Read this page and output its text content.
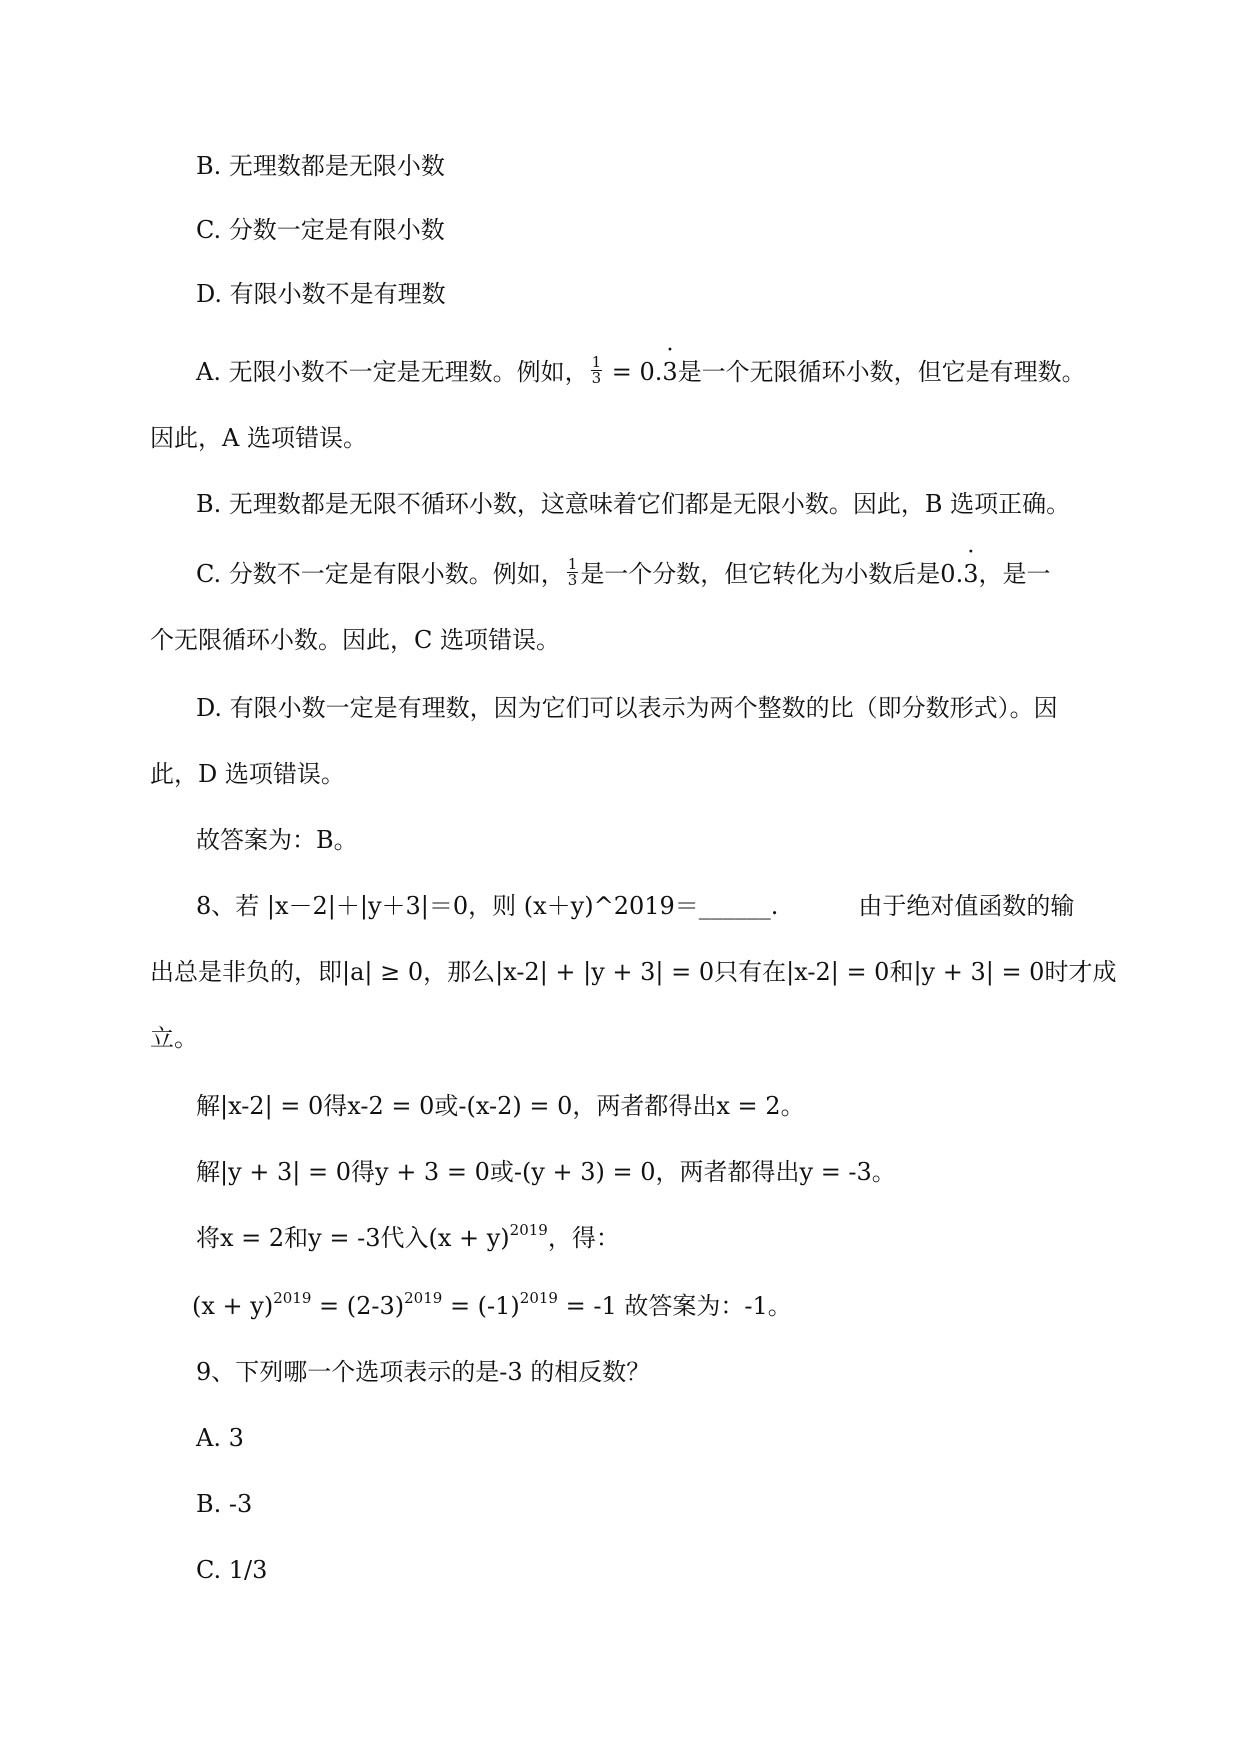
B. 无理数都是无限小数
C. 分数一定是有限小数
D. 有限小数不是有理数
A. 无限小数不一定是无理数。例如， $\frac{1}{3} = 0.\cdot 3$是一个无限循环小数，但它是有理数。
因此，A 选项错误。
B. 无理数都是无限不循环小数，这意味着它们都是无限小数。因此，B 选项正确。
C. 分数不一定是有限小数。例如， $\frac{1}{3}$ 是一个分数，但它转化为小数后是0.· 3，是一
个无限循环小数。因此，C 选项错误。
D. 有限小数一定是有理数，因为它们可以表示为两个整数的比（即分数形式）。因
此，D 选项错误。
故答案为：B。
8、若 |x－2|＋|y＋3|＝0，则 (x＋y)^2019＝______.	由于绝对值函数的输
出总是非负的，即|a| ≥ 0，那么|x-2| + |y + 3| = 0只有在|x-2| = 0和|y + 3| = 0时才成
立。
解|x-2| = 0得x-2 = 0或-(x-2) = 0，两者都得出x = 2。
解|y + 3| = 0得y + 3 = 0或-(y + 3) = 0，两者都得出y = -3。
将x = 2和y = -3代入$(x + y)^{2019}$，得：
$(x + y)^{2019} = (2-3)^{2019} = (-1)^{2019} = -1$ 故答案为：-1。
9、下列哪一个选项表示的是-3 的相反数？
A. 3
B. -3
C. 1/3
